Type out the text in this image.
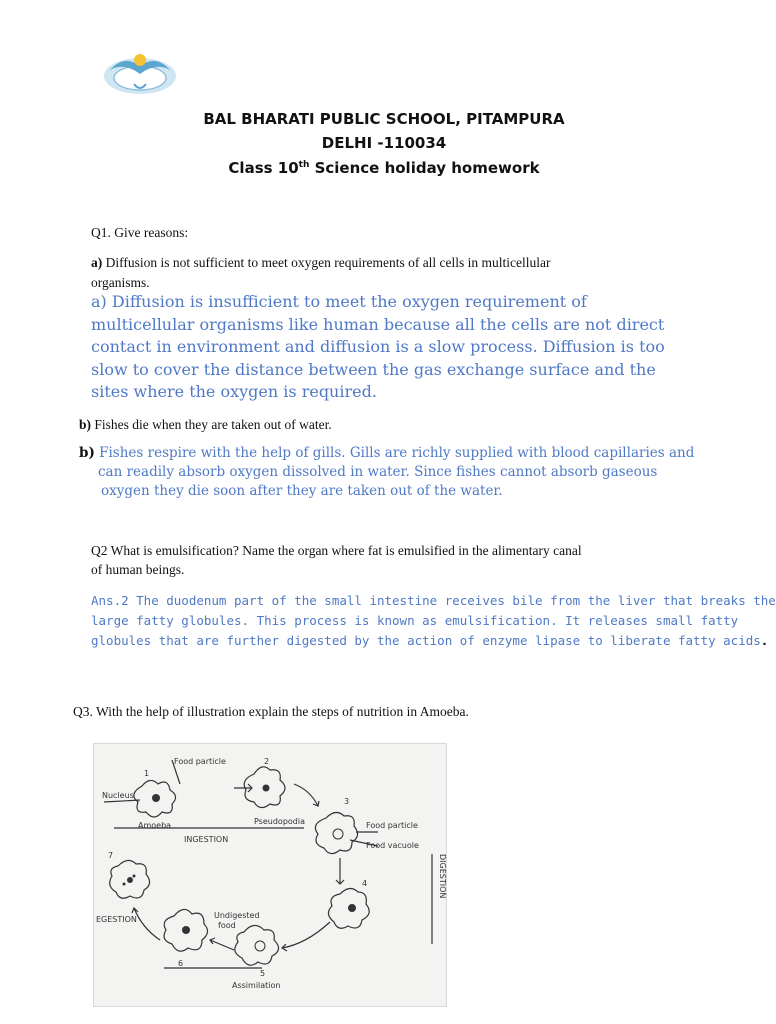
BAL BHARATI PUBLIC SCHOOL, PITAMPURA
DELHI -110034
Class 10th Science holiday homework
Q1. Give reasons:
a) Diffusion is not sufficient to meet oxygen requirements of all cells in multicellular
organisms.
a) Diffusion is insufficient to meet the oxygen requirement of
multicellular organisms like human because all the cells are not direct
contact in environment and diffusion is a slow process. Diffusion is too
slow to cover the distance between the gas exchange surface and the
sites where the oxygen is required.
b) Fishes die when they are taken out of water.
b) Fishes respire with the help of gills. Gills are richly supplied with blood capillaries and
can readily absorb oxygen dissolved in water. Since fishes cannot absorb gaseous
oxygen they die soon after they are taken out of the water.
Q2 What is emulsification? Name the organ where fat is emulsified in the alimentary canal
of human beings.
Ans.2 The duodenum part of the small intestine receives bile from the liver that breaks the
large fatty globules. This process is known as emulsification. It releases small fatty
globules that are further digested by the action of enzyme lipase to liberate fatty acids.
Q3. With the help of illustration explain the steps of nutrition in Amoeba.
Food particle
Nucleus
Amoeba	Pseudopodia
INGESTION
Food particle
Food vacuole
DIGESTION
EGESTION	Undigested
food
Assimilation
1
2
3
4
5
6
7
